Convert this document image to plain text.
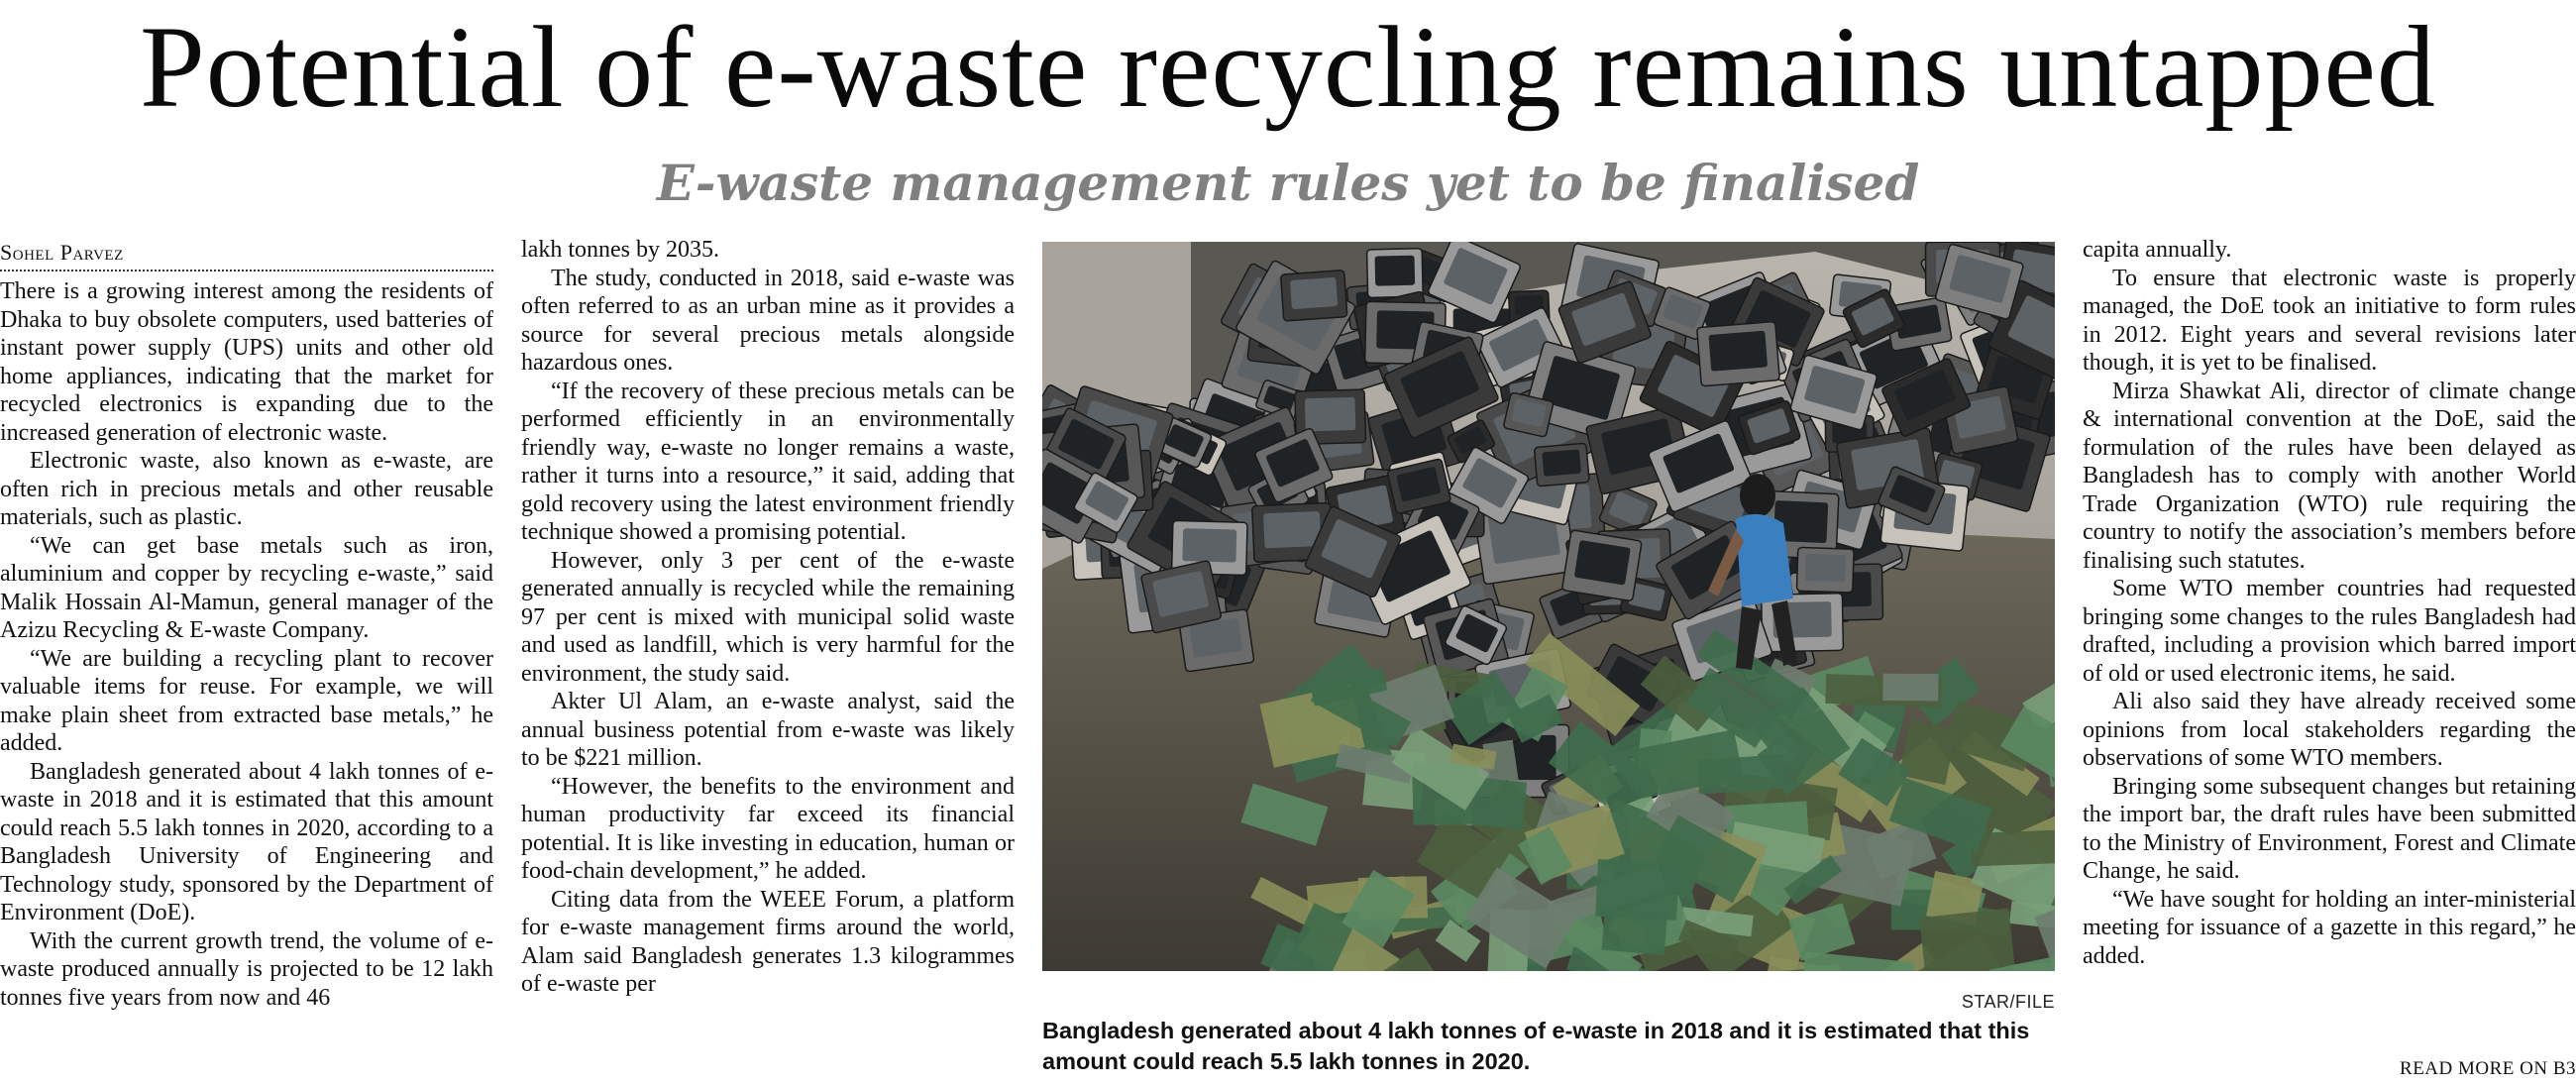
Potential of e-waste recycling remains untapped
E-waste management rules yet to be finalised
Sohel Parvez

There is a growing interest among the residents of Dhaka to buy obsolete computers, used batteries of instant power supply (UPS) units and other old home appliances, indicating that the market for recycled electronics is expanding due to the increased generation of electronic waste.

Electronic waste, also known as e-waste, are often rich in precious metals and other reusable materials, such as plastic.

“We can get base metals such as iron, aluminium and copper by recycling e-waste,” said Malik Hossain Al-Mamun, general manager of the Azizu Recycling & E-waste Company.

“We are building a recycling plant to recover valuable items for reuse. For example, we will make plain sheet from extracted base metals,” he added.

Bangladesh generated about 4 lakh tonnes of e-waste in 2018 and it is estimated that this amount could reach 5.5 lakh tonnes in 2020, according to a Bangladesh University of Engineering and Technology study, sponsored by the Department of Environment (DoE).

With the current growth trend, the volume of e-waste produced annually is projected to be 12 lakh tonnes five years from now and 46

lakh tonnes by 2035.

The study, conducted in 2018, said e-waste was often referred to as an urban mine as it provides a source for several precious metals alongside hazardous ones.

“If the recovery of these precious metals can be performed efficiently in an environmentally friendly way, e-waste no longer remains a waste, rather it turns into a resource,” it said, adding that gold recovery using the latest environment friendly technique showed a promising potential.

However, only 3 per cent of the e-waste generated annually is recycled while the remaining 97 per cent is mixed with municipal solid waste and used as landfill, which is very harmful for the environment, the study said.

Akter Ul Alam, an e-waste analyst, said the annual business potential from e-waste was likely to be $221 million.

“However, the benefits to the environment and human productivity far exceed its financial potential. It is like investing in education, human or food-chain development,” he added.

Citing data from the WEEE Forum, a platform for e-waste management firms around the world, Alam said Bangladesh generates 1.3 kilogrammes of e-waste per

STAR/FILE
Bangladesh generated about 4 lakh tonnes of e-waste in 2018 and it is estimated that this amount could reach 5.5 lakh tonnes in 2020.

capita annually.

To ensure that electronic waste is properly managed, the DoE took an initiative to form rules in 2012. Eight years and several revisions later though, it is yet to be finalised.

Mirza Shawkat Ali, director of climate change & international convention at the DoE, said the formulation of the rules have been delayed as Bangladesh has to comply with another World Trade Organization (WTO) rule requiring the country to notify the association’s members before finalising such statutes.

Some WTO member countries had requested bringing some changes to the rules Bangladesh had drafted, including a provision which barred import of old or used electronic items, he said.

Ali also said they have already received some opinions from local stakeholders regarding the observations of some WTO members.

Bringing some subsequent changes but retaining the import bar, the draft rules have been submitted to the Ministry of Environment, Forest and Climate Change, he said.

“We have sought for holding an inter-ministerial meeting for issuance of a gazette in this regard,” he added.

READ MORE ON B3
